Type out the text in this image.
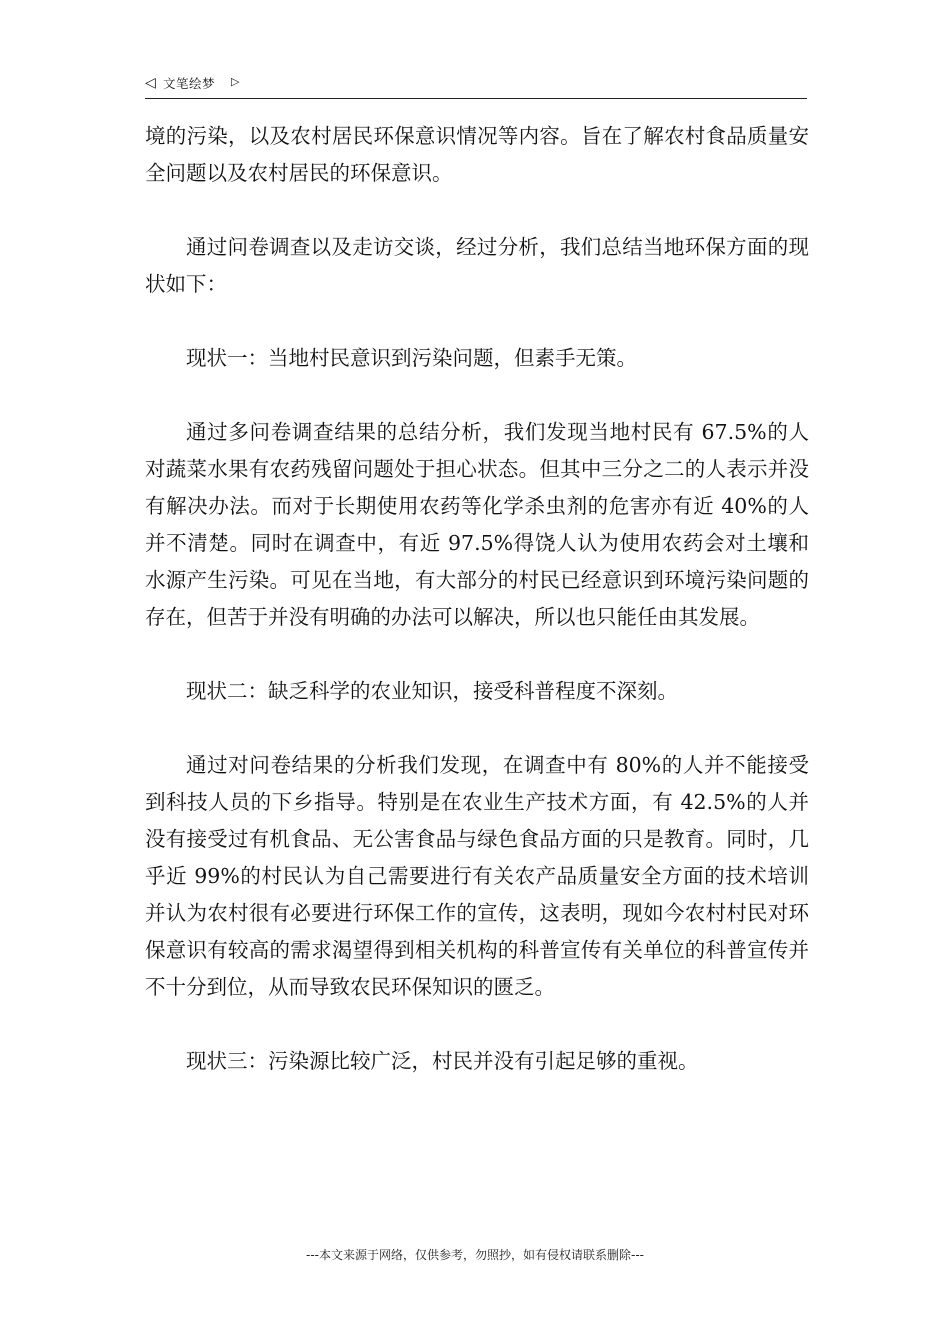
◁ 文笔绘梦 ▷

境的污染，以及农村居民环保意识情况等内容。旨在了解农村食品质量安全问题以及农村居民的环保意识。

通过问卷调查以及走访交谈，经过分析，我们总结当地环保方面的现状如下：

现状一：当地村民意识到污染问题，但素手无策。

通过多问卷调查结果的总结分析，我们发现当地村民有 67.5%的人对蔬菜水果有农药残留问题处于担心状态。但其中三分之二的人表示并没有解决办法。而对于长期使用农药等化学杀虫剂的危害亦有近 40%的人并不清楚。同时在调查中，有近 97.5%得饶人认为使用农药会对土壤和水源产生污染。可见在当地，有大部分的村民已经意识到环境污染问题的存在，但苦于并没有明确的办法可以解决，所以也只能任由其发展。

现状二：缺乏科学的农业知识，接受科普程度不深刻。

通过对问卷结果的分析我们发现，在调查中有 80%的人并不能接受到科技人员的下乡指导。特别是在农业生产技术方面，有 42.5%的人并没有接受过有机食品、无公害食品与绿色食品方面的只是教育。同时，几乎近 99%的村民认为自己需要进行有关农产品质量安全方面的技术培训并认为农村很有必要进行环保工作的宣传，这表明，现如今农村村民对环保意识有较高的需求渴望得到相关机构的科普宣传有关单位的科普宣传并不十分到位，从而导致农民环保知识的匮乏。

现状三：污染源比较广泛，村民并没有引起足够的重视。

---本文来源于网络，仅供参考，勿照抄，如有侵权请联系删除---
